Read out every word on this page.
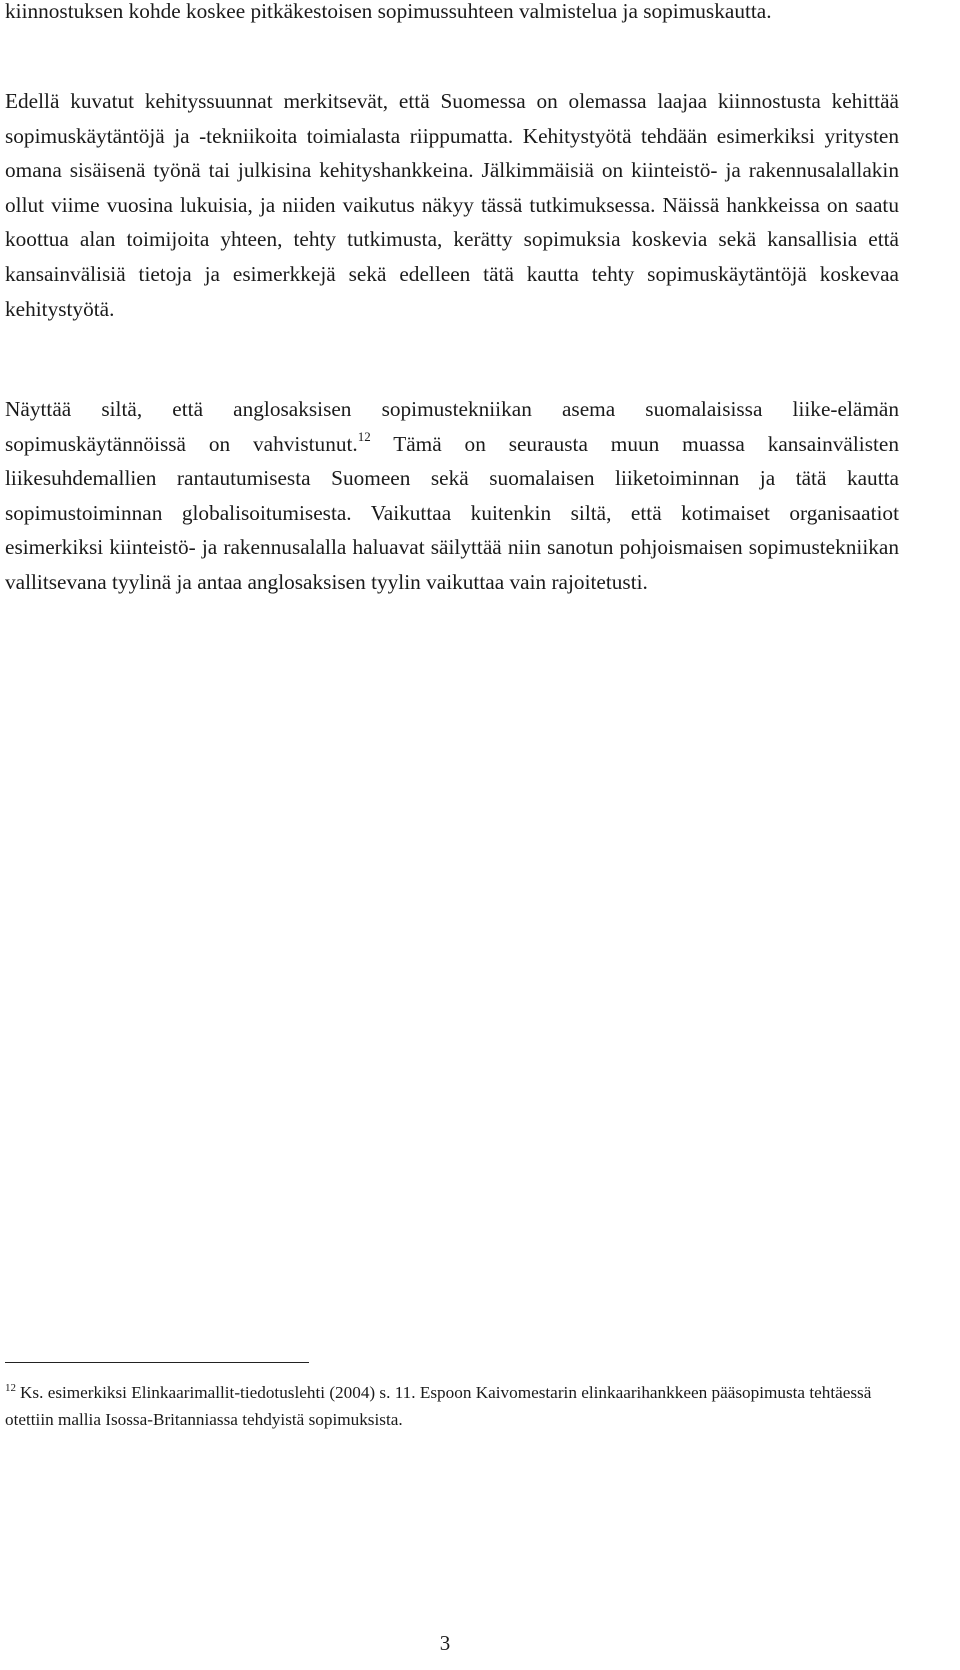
kiinnostuksen kohde koskee pitkäkestoisen sopimussuhteen valmistelua ja sopimuskautta.

Edellä kuvatut kehityssuunnat merkitsevät, että Suomessa on olemassa laajaa kiinnostusta kehittää sopimuskäytäntöjä ja -tekniikoita toimialasta riippumatta. Kehitystyötä tehdään esimerkiksi yritysten omana sisäisenä työnä tai julkisina kehityshankkeina. Jälkimmäisiä on kiinteistö- ja rakennusalallakin ollut viime vuosina lukuisia, ja niiden vaikutus näkyy tässä tutkimuksessa. Näissä hankkeissa on saatu koottua alan toimijoita yhteen, tehty tutkimusta, kerätty sopimuksia koskevia sekä kansallisia että kansainvälisiä tietoja ja esimerkkejä sekä edelleen tätä kautta tehty sopimuskäytäntöjä koskevaa kehitystyötä.

Näyttää siltä, että anglosaksisen sopimustekniikan asema suomalaisissa liike-elämän sopimuskäytännöissä on vahvistunut.$^{12}$ Tämä on seurausta muun muassa kansainvälisten liikesuhdemallien rantautumisesta Suomeen sekä suomalaisen liiketoiminnan ja tätä kautta sopimustoiminnan globalisoitumisesta. Vaikuttaa kuitenkin siltä, että kotimaiset organisaatiot esimerkiksi kiinteistö- ja rakennusalalla haluavat säilyttää niin sanotun pohjoismaisen sopimustekniikan vallitsevana tyylinä ja antaa anglosaksisen tyylin vaikuttaa vain rajoitetusti.

$^{12}$ Ks. esimerkiksi Elinkaarimallit-tiedotuslehti (2004) s. 11. Espoon Kaivomestarin elinkaarihankkeen pääsopimusta tehtäessä otettiin mallia Isossa-Britanniassa tehdyistä sopimuksista.

3
